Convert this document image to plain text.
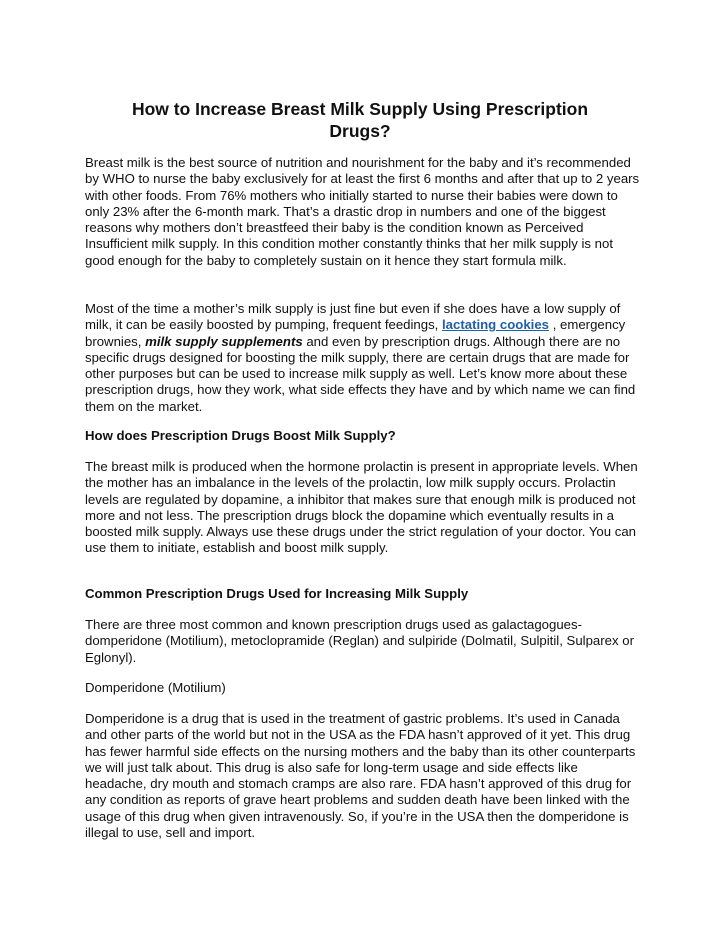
How to Increase Breast Milk Supply Using Prescription Drugs?

Breast milk is the best source of nutrition and nourishment for the baby and it’s recommended by WHO to nurse the baby exclusively for at least the first 6 months and after that up to 2 years with other foods. From 76% mothers who initially started to nurse their babies were down to only 23% after the 6-month mark. That’s a drastic drop in numbers and one of the biggest reasons why mothers don’t breastfeed their baby is the condition known as Perceived Insufficient milk supply. In this condition mother constantly thinks that her milk supply is not good enough for the baby to completely sustain on it hence they start formula milk.

Most of the time a mother’s milk supply is just fine but even if she does have a low supply of milk, it can be easily boosted by pumping, frequent feedings, lactating cookies , emergency brownies, milk supply supplements and even by prescription drugs. Although there are no specific drugs designed for boosting the milk supply, there are certain drugs that are made for other purposes but can be used to increase milk supply as well. Let’s know more about these prescription drugs, how they work, what side effects they have and by which name we can find them on the market.

How does Prescription Drugs Boost Milk Supply?

The breast milk is produced when the hormone prolactin is present in appropriate levels. When the mother has an imbalance in the levels of the prolactin, low milk supply occurs. Prolactin levels are regulated by dopamine, a inhibitor that makes sure that enough milk is produced not more and not less. The prescription drugs block the dopamine which eventually results in a boosted milk supply. Always use these drugs under the strict regulation of your doctor. You can use them to initiate, establish and boost milk supply.

Common Prescription Drugs Used for Increasing Milk Supply

There are three most common and known prescription drugs used as galactagogues- domperidone (Motilium), metoclopramide (Reglan) and sulpiride (Dolmatil, Sulpitil, Sulparex or Eglonyl).

Domperidone (Motilium)

Domperidone is a drug that is used in the treatment of gastric problems. It’s used in Canada and other parts of the world but not in the USA as the FDA hasn’t approved of it yet. This drug has fewer harmful side effects on the nursing mothers and the baby than its other counterparts we will just talk about. This drug is also safe for long-term usage and side effects like headache, dry mouth and stomach cramps are also rare. FDA hasn’t approved of this drug for any condition as reports of grave heart problems and sudden death have been linked with the usage of this drug when given intravenously. So, if you’re in the USA then the domperidone is illegal to use, sell and import.
